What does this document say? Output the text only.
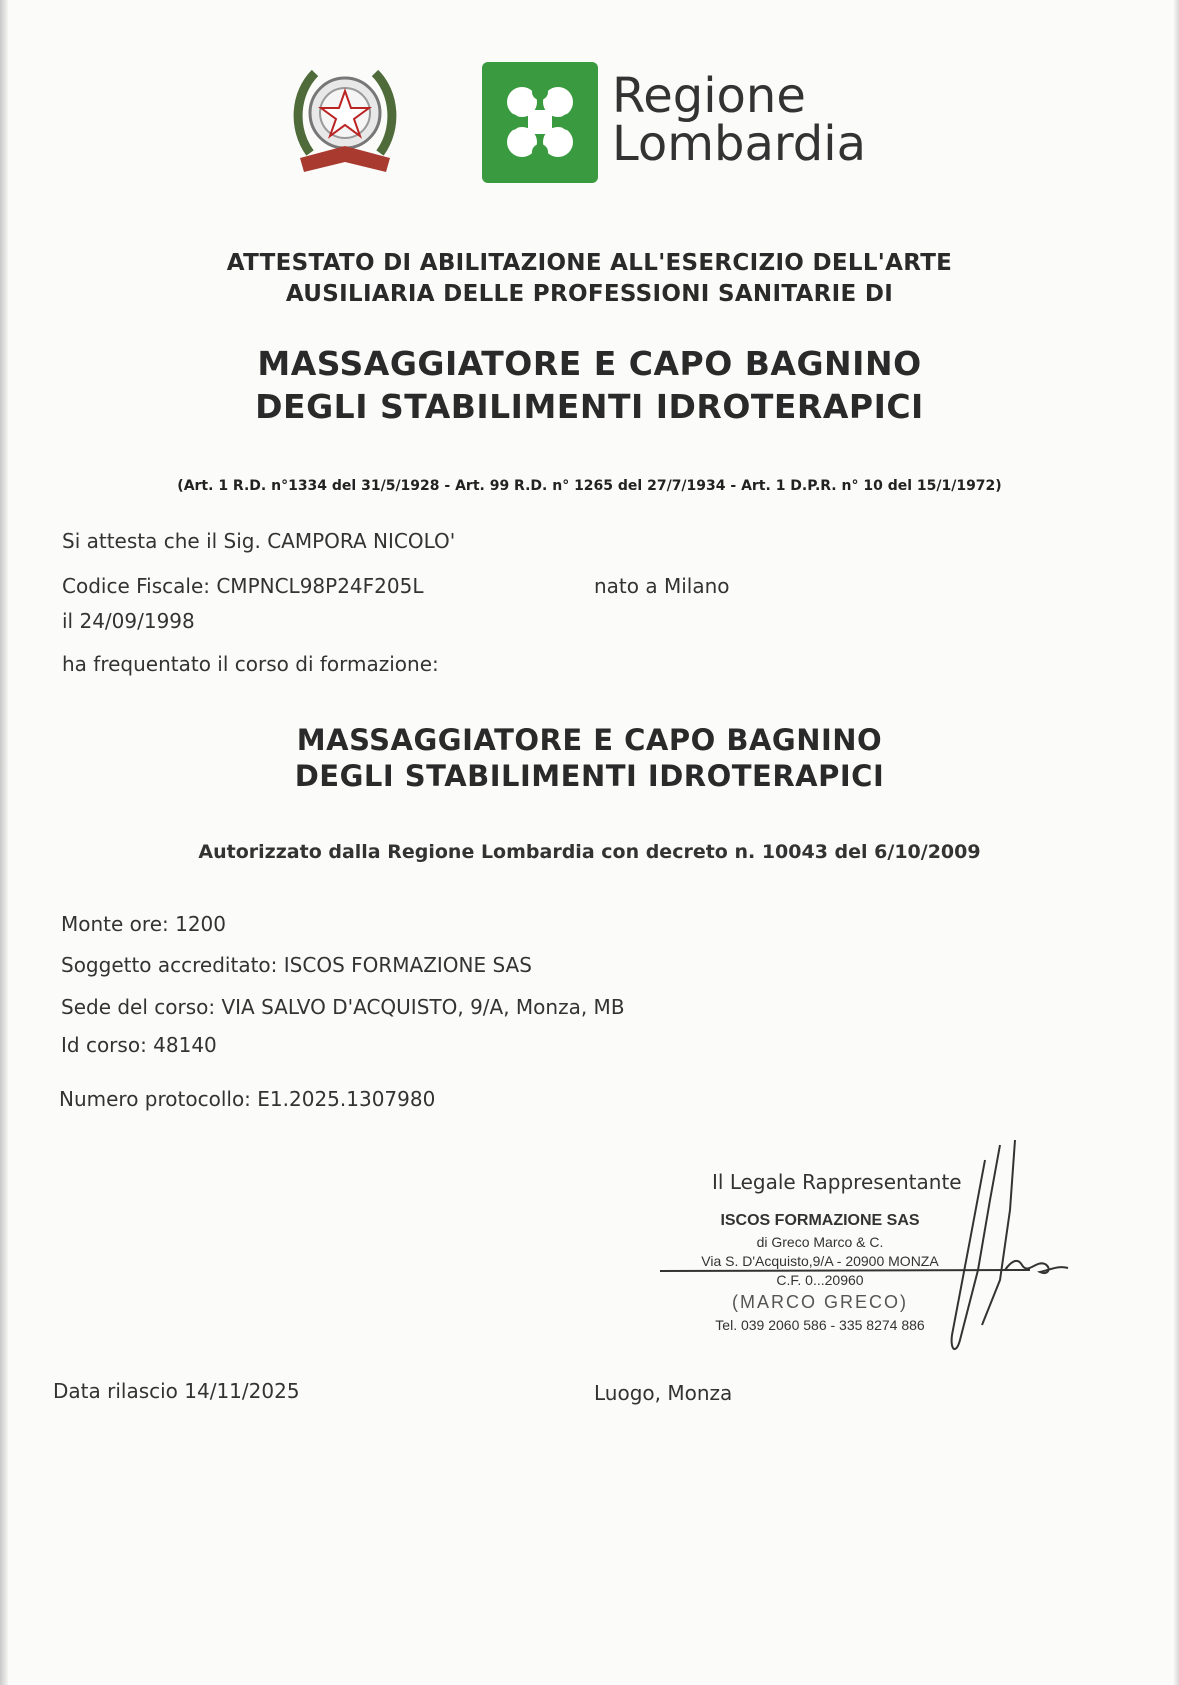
Regione
Lombardia
ATTESTATO DI ABILITAZIONE ALL'ESERCIZIO DELL'ARTE
AUSILIARIA DELLE PROFESSIONI SANITARIE DI
MASSAGGIATORE E CAPO BAGNINO
DEGLI STABILIMENTI IDROTERAPICI
(Art. 1 R.D. n°1334 del 31/5/1928 - Art. 99 R.D. n° 1265 del 27/7/1934 - Art. 1 D.P.R. n° 10 del 15/1/1972)
Si attesta che il Sig. CAMPORA NICOLO'
Codice Fiscale: CMPNCL98P24F205L	nato a Milano
il 24/09/1998
ha frequentato il corso di formazione:
MASSAGGIATORE E CAPO BAGNINO
DEGLI STABILIMENTI IDROTERAPICI
Autorizzato dalla Regione Lombardia con decreto n. 10043 del 6/10/2009
Monte ore: 1200
Soggetto accreditato: ISCOS FORMAZIONE SAS
Sede del corso: VIA SALVO D'ACQUISTO, 9/A, Monza, MB
Id corso: 48140
Numero protocollo: E1.2025.1307980
Il Legale Rappresentante
ISCOS FORMAZIONE SAS
di Greco Marco & C.
Via S. D'Acquisto,9/A - 20900 MONZA
C.F. 0...20960
(MARCO GRECO)
Tel. 039 2060 586 - 335 8274 886
Data rilascio 14/11/2025	Luogo, Monza
